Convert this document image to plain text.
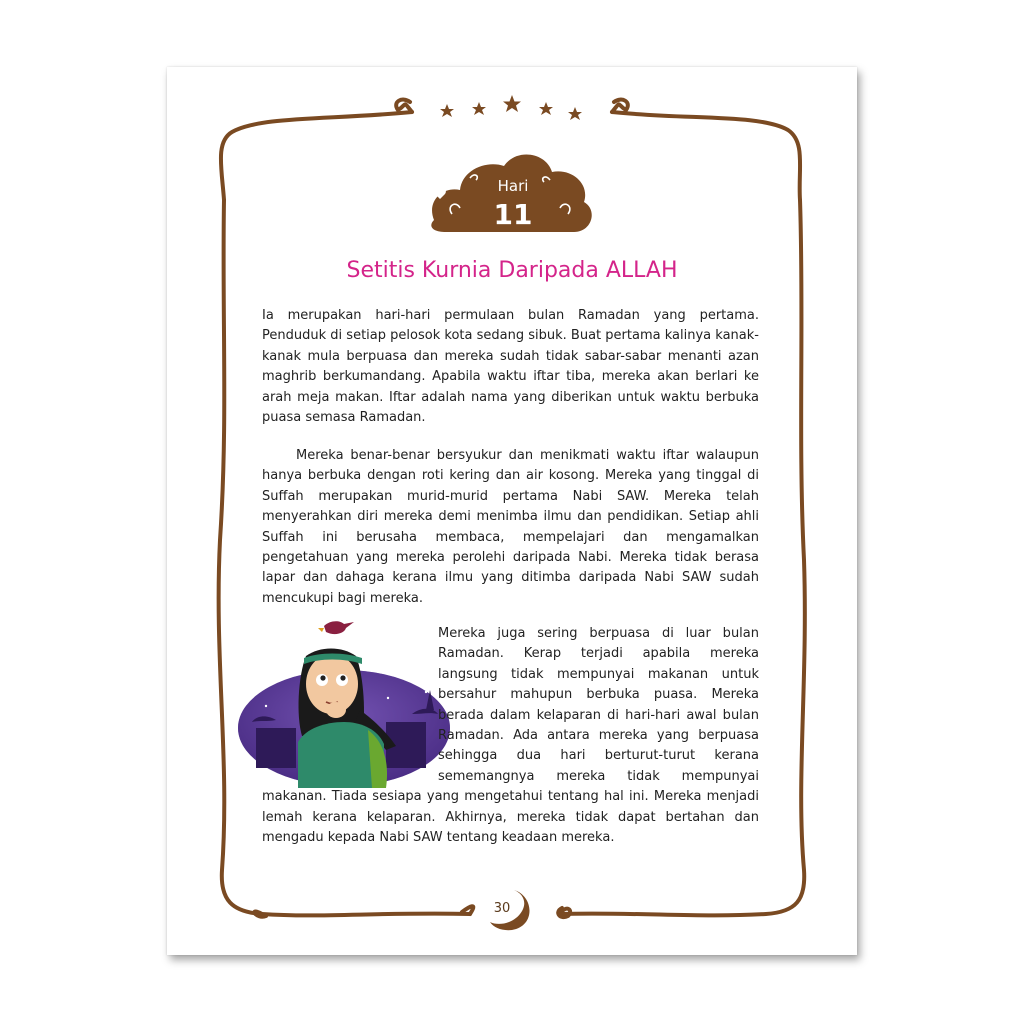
Hari
11
Setitis Kurnia Daripada ALLAH

Ia merupakan hari-hari permulaan bulan Ramadan yang pertama. Penduduk di setiap pelosok kota sedang sibuk. Buat pertama kalinya kanak-kanak mula berpuasa dan mereka sudah tidak sabar-sabar menanti azan maghrib berkumandang. Apabila waktu iftar tiba, mereka akan berlari ke arah meja makan. Iftar adalah nama yang diberikan untuk waktu berbuka puasa semasa Ramadan.

Mereka benar-benar bersyukur dan menikmati waktu iftar walaupun hanya berbuka dengan roti kering dan air kosong. Mereka yang tinggal di Suffah merupakan murid-murid pertama Nabi SAW. Mereka telah menyerahkan diri mereka demi menimba ilmu dan pendidikan. Setiap ahli Suffah ini berusaha membaca, mempelajari dan mengamalkan pengetahuan yang mereka perolehi daripada Nabi. Mereka tidak berasa lapar dan dahaga kerana ilmu yang ditimba daripada Nabi SAW sudah mencukupi bagi mereka.

Mereka juga sering berpuasa di luar bulan Ramadan. Kerap terjadi apabila mereka langsung tidak mempunyai makanan untuk bersahur mahupun berbuka puasa. Mereka berada dalam kelaparan di hari-hari awal bulan Ramadan. Ada antara mereka yang berpuasa sehingga dua hari berturut-turut kerana sememangnya mereka tidak mempunyai makanan. Tiada sesiapa yang mengetahui tentang hal ini. Mereka menjadi lemah kerana kelaparan. Akhirnya, mereka tidak dapat bertahan dan mengadu kepada Nabi SAW tentang keadaan mereka.
30
